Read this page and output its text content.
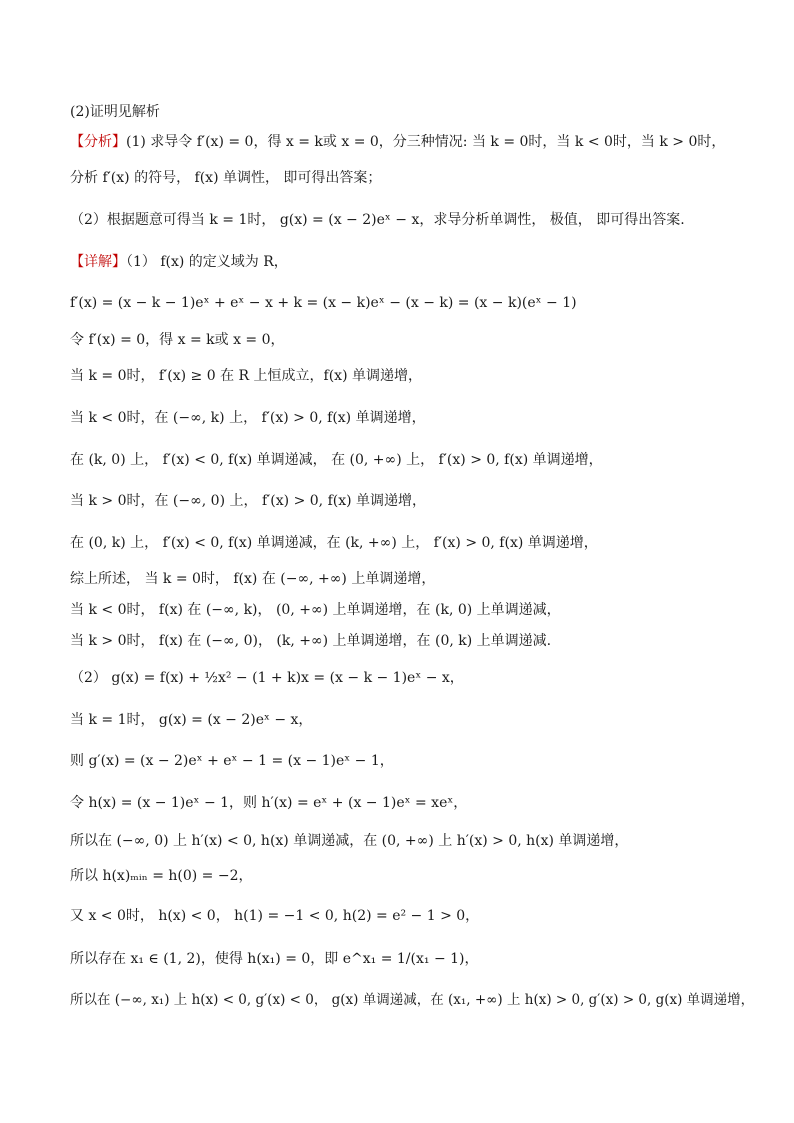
(2)证明见解析
【分析】(1) 求导令 f′(x) = 0，得 x = k或 x = 0，分三种情况: 当 k = 0时，当 k < 0时，当 k > 0时，
分析 f′(x) 的符号， f(x) 单调性， 即可得出答案；
（2）根据题意可得当 k = 1时， g(x) = (x − 2)eˣ − x，求导分析单调性， 极值， 即可得出答案.
【详解】（1） f(x) 的定义域为 R，
f′(x) = (x − k − 1)eˣ + eˣ − x + k = (x − k)eˣ − (x − k) = (x − k)(eˣ − 1)
令 f′(x) = 0，得 x = k或 x = 0，
当 k = 0时， f′(x) ≥ 0 在 R 上恒成立，f(x) 单调递增，
当 k < 0时，在 (−∞, k) 上， f′(x) > 0, f(x) 单调递增，
在 (k, 0) 上， f′(x) < 0, f(x) 单调递减， 在 (0, +∞) 上， f′(x) > 0, f(x) 单调递增，
当 k > 0时，在 (−∞, 0) 上， f′(x) > 0, f(x) 单调递增，
在 (0, k) 上， f′(x) < 0, f(x) 单调递减，在 (k, +∞) 上， f′(x) > 0, f(x) 单调递增，
综上所述， 当 k = 0时， f(x) 在 (−∞, +∞) 上单调递增，
当 k < 0时， f(x) 在 (−∞, k)， (0, +∞) 上单调递增，在 (k, 0) 上单调递减，
当 k > 0时， f(x) 在 (−∞, 0)， (k, +∞) 上单调递增，在 (0, k) 上单调递减.
（2） g(x) = f(x) + ½x² − (1 + k)x = (x − k − 1)eˣ − x，
当 k = 1时， g(x) = (x − 2)eˣ − x，
则 g′(x) = (x − 2)eˣ + eˣ − 1 = (x − 1)eˣ − 1，
令 h(x) = (x − 1)eˣ − 1，则 h′(x) = eˣ + (x − 1)eˣ = xeˣ，
所以在 (−∞, 0) 上 h′(x) < 0, h(x) 单调递减，在 (0, +∞) 上 h′(x) > 0, h(x) 单调递增，
所以 h(x)ₘᵢₙ = h(0) = −2，
又 x < 0时， h(x) < 0， h(1) = −1 < 0, h(2) = e² − 1 > 0，
所以存在 x₁ ∈ (1, 2)，使得 h(x₁) = 0，即 e^x₁ = 1/(x₁ − 1)，
所以在 (−∞, x₁) 上 h(x) < 0, g′(x) < 0， g(x) 单调递减，在 (x₁, +∞) 上 h(x) > 0, g′(x) > 0, g(x) 单调递增，
